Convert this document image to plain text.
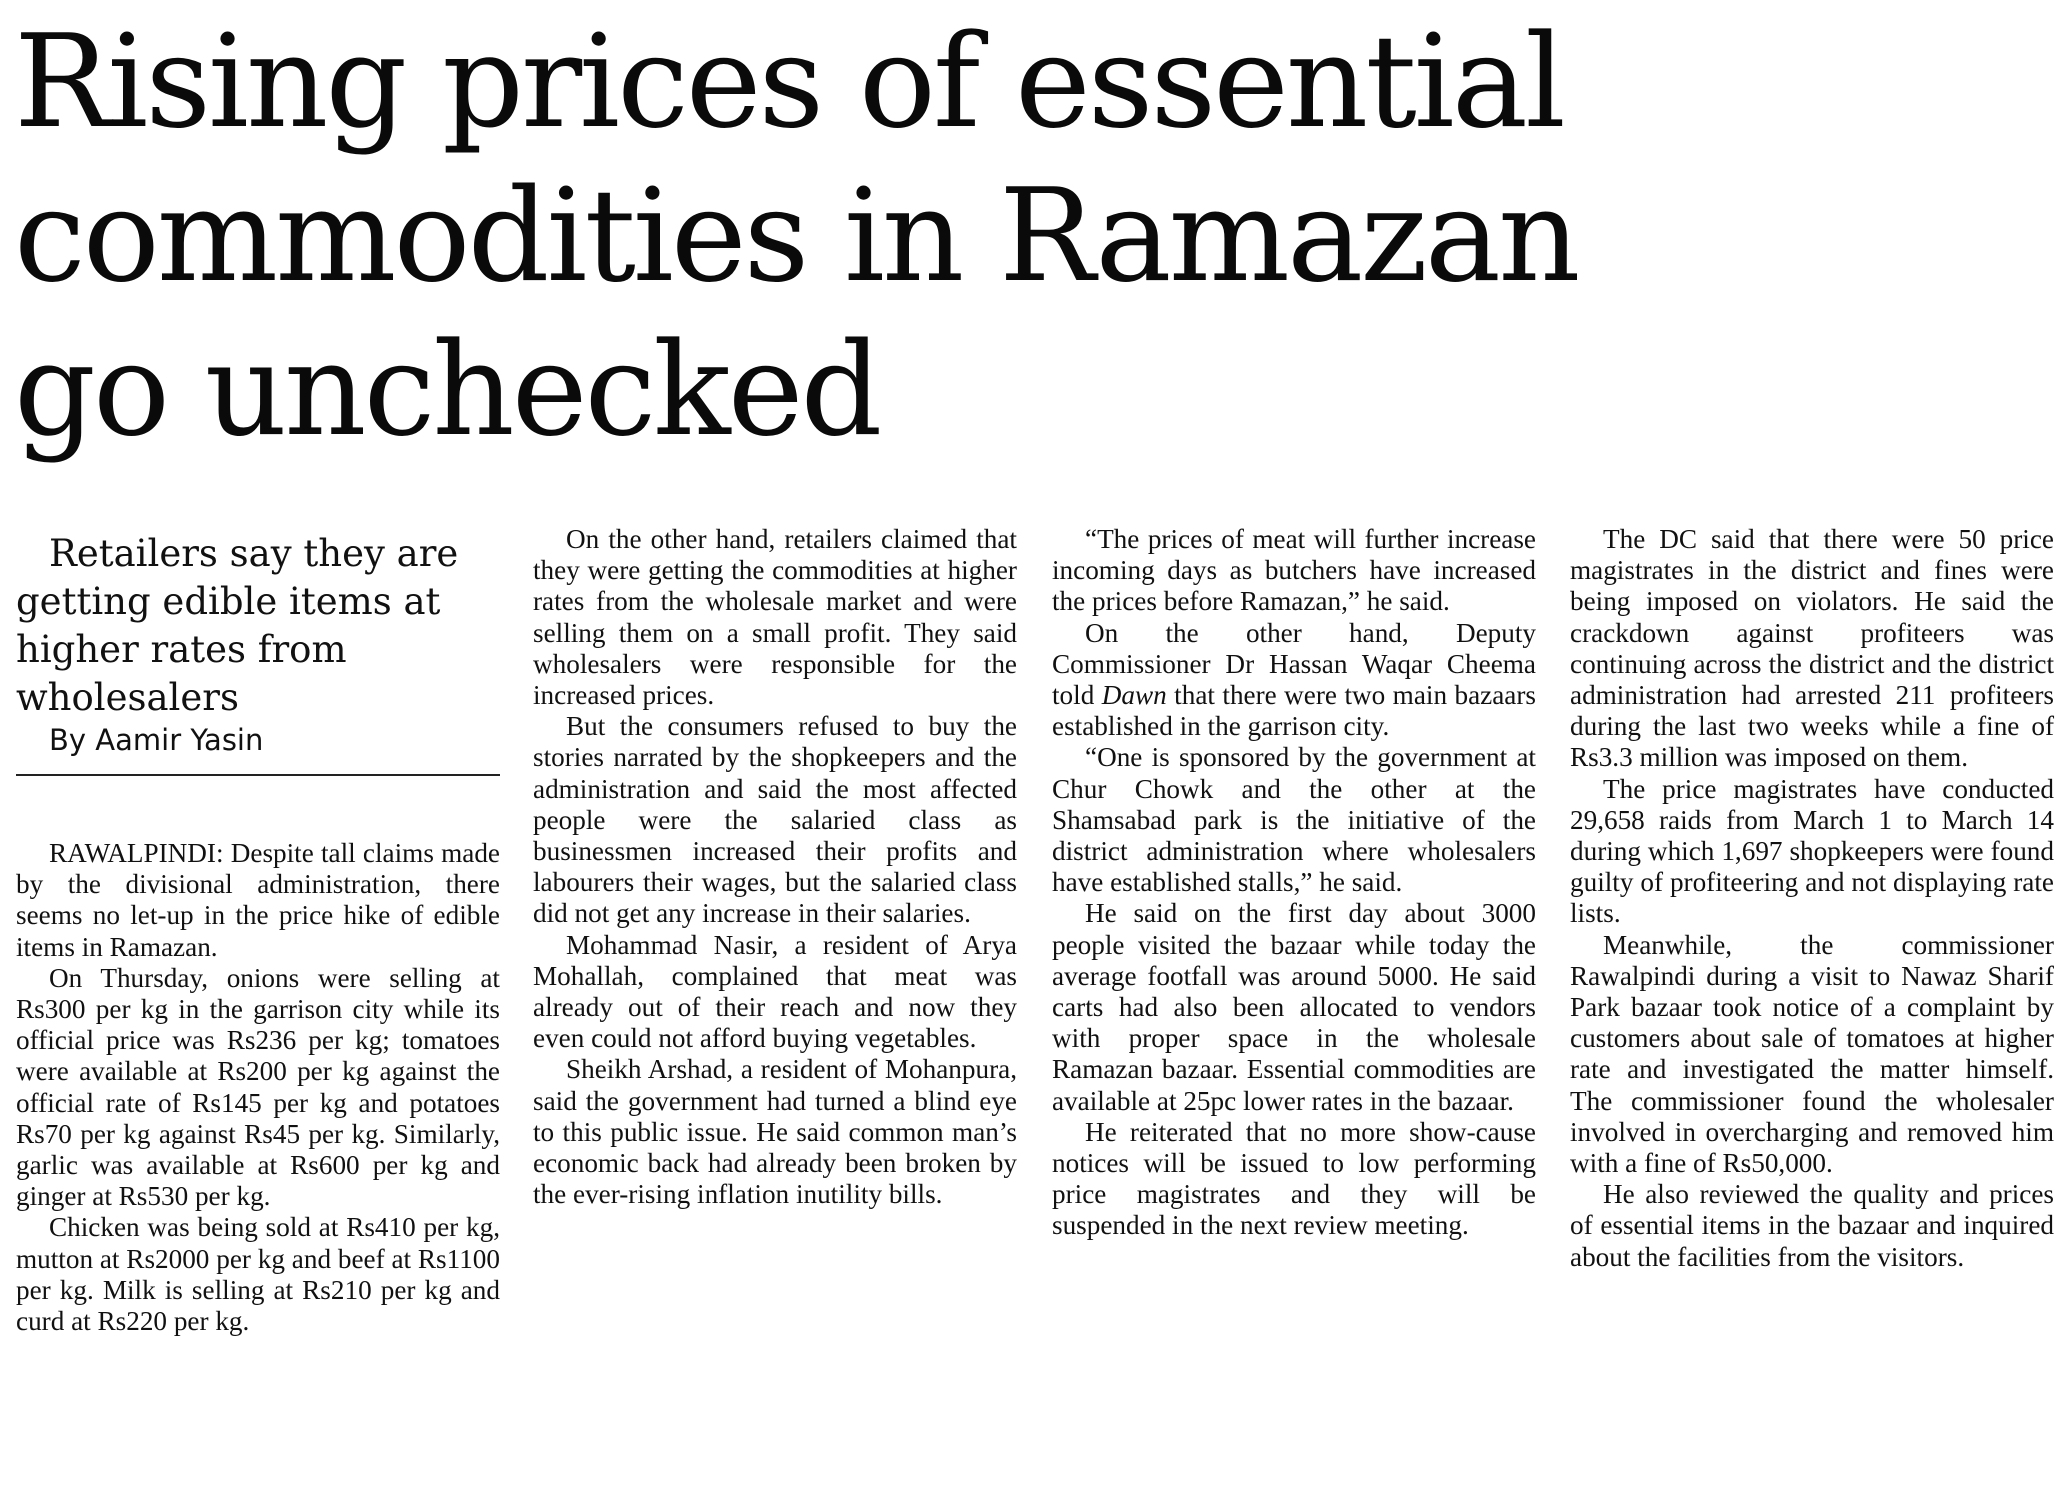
Rising prices of essential
commodities in Ramazan
go unchecked

Retailers say they are getting edible items at higher rates from wholesalers

By Aamir Yasin

RAWALPINDI: Despite tall claims made by the divisional administration, there seems no let-up in the price hike of edible items in Ramazan.

On Thursday, onions were selling at Rs300 per kg in the garrison city while its official price was Rs236 per kg; tomatoes were available at Rs200 per kg against the official rate of Rs145 per kg and potatoes Rs70 per kg against Rs45 per kg. Similarly, garlic was available at Rs600 per kg and ginger at Rs530 per kg.

Chicken was being sold at Rs410 per kg, mutton at Rs2000 per kg and beef at Rs1100 per kg. Milk is selling at Rs210 per kg and curd at Rs220 per kg.

On the other hand, retailers claimed that they were getting the commodities at higher rates from the wholesale market and were selling them on a small profit. They said wholesalers were responsible for the increased prices.

But the consumers refused to buy the stories narrated by the shopkeepers and the administration and said the most affected people were the salaried class as businessmen increased their profits and labourers their wages, but the salaried class did not get any increase in their salaries.

Mohammad Nasir, a resident of Arya Mohallah, complained that meat was already out of their reach and now they even could not afford buying vegetables.

Sheikh Arshad, a resident of Mohanpura, said the government had turned a blind eye to this public issue. He said common man’s economic back had already been broken by the ever-rising inflation inutility bills.

“The prices of meat will further increase incoming days as butchers have increased the prices before Ramazan,” he said.

On the other hand, Deputy Commissioner Dr Hassan Waqar Cheema told Dawn that there were two main bazaars established in the garrison city.

“One is sponsored by the government at Chur Chowk and the other at the Shamsabad park is the initiative of the district administration where wholesalers have established stalls,” he said.

He said on the first day about 3000 people visited the bazaar while today the average footfall was around 5000. He said carts had also been allocated to vendors with proper space in the wholesale Ramazan bazaar. Essential commodities are available at 25pc lower rates in the bazaar.

He reiterated that no more show-cause notices will be issued to low performing price magistrates and they will be suspended in the next review meeting.

The DC said that there were 50 price magistrates in the district and fines were being imposed on violators. He said the crackdown against profiteers was continuing across the district and the district administration had arrested 211 profiteers during the last two weeks while a fine of Rs3.3 million was imposed on them.

The price magistrates have conducted 29,658 raids from March 1 to March 14 during which 1,697 shopkeepers were found guilty of profiteering and not displaying rate lists.

Meanwhile, the commissioner Rawalpindi during a visit to Nawaz Sharif Park bazaar took notice of a complaint by customers about sale of tomatoes at higher rate and investigated the matter himself. The commissioner found the wholesaler involved in overcharging and removed him with a fine of Rs50,000.

He also reviewed the quality and prices of essential items in the bazaar and inquired about the facilities from the visitors.
